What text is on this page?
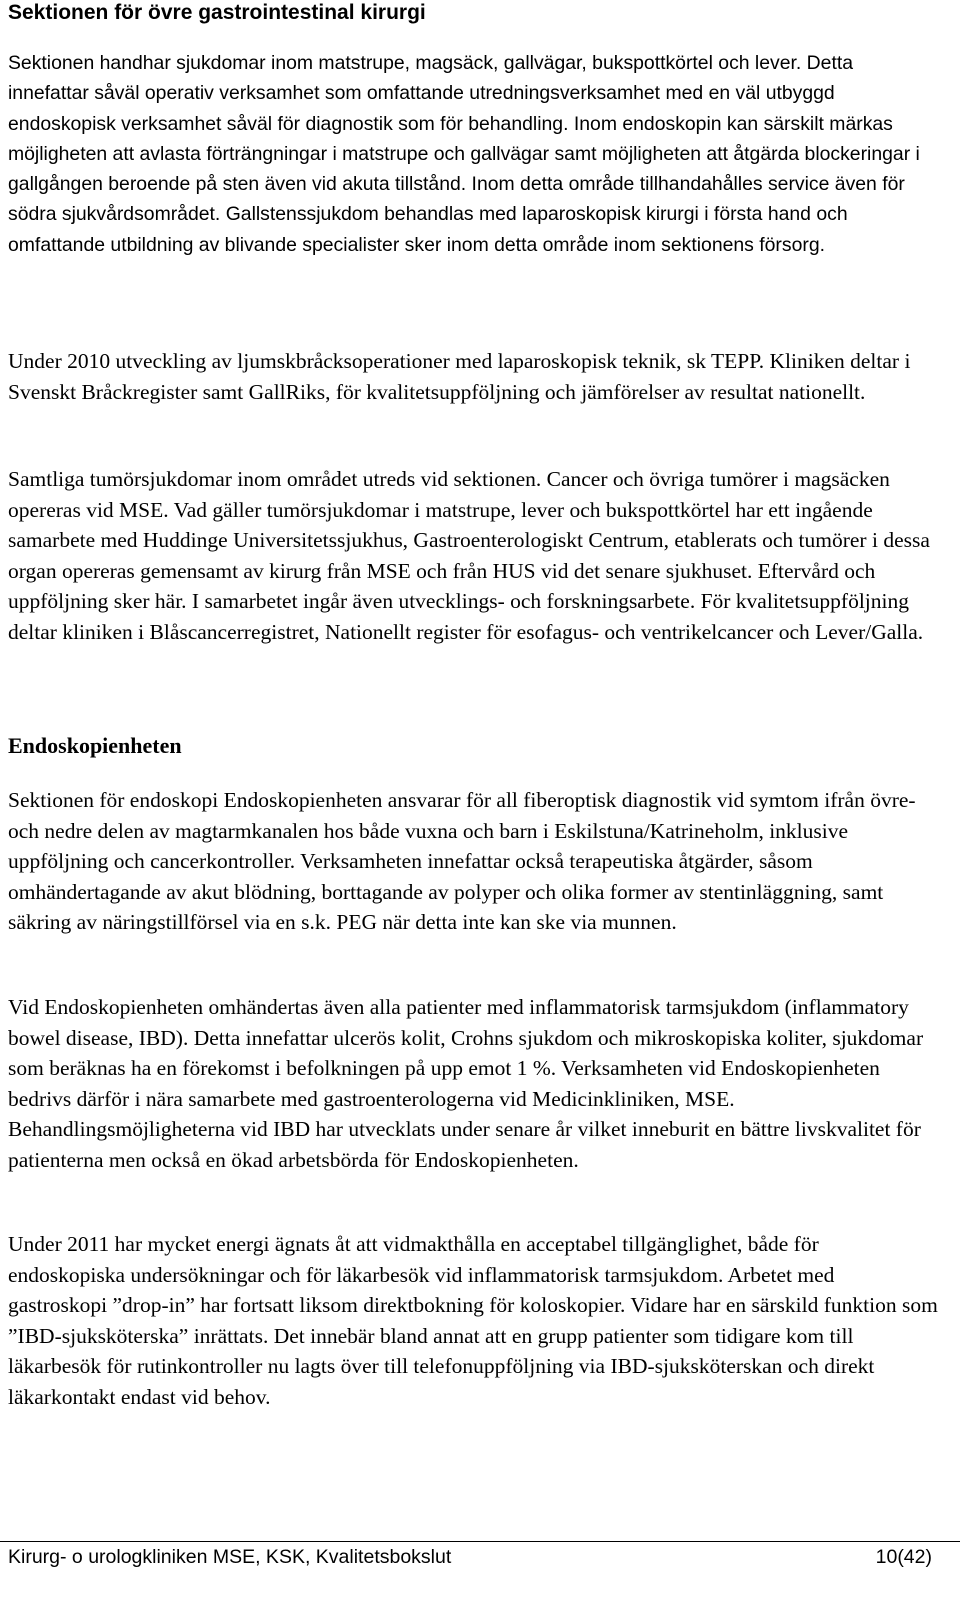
Sektionen för övre gastrointestinal kirurgi

Sektionen handhar sjukdomar inom matstrupe, magsäck, gallvägar, bukspottkörtel och lever. Detta innefattar såväl operativ verksamhet som omfattande utredningsverksamhet med en väl utbyggd endoskopisk verksamhet såväl för diagnostik som för behandling. Inom endoskopin kan särskilt märkas möjligheten att avlasta förträngningar i matstrupe och gallvägar samt möjligheten att åtgärda blockeringar i gallgången beroende på sten även vid akuta tillstånd. Inom detta område tillhandahålles service även för södra sjukvårdsområdet. Gallstenssjukdom behandlas med laparoskopisk kirurgi i första hand och omfattande utbildning av blivande specialister sker inom detta område inom sektionens försorg.

Under 2010 utveckling av ljumskbråcksoperationer med laparoskopisk teknik, sk TEPP. Kliniken deltar i Svenskt Bråckregister samt GallRiks, för kvalitetsuppföljning och jämförelser av resultat nationellt.

Samtliga tumörsjukdomar inom området utreds vid sektionen. Cancer och övriga tumörer i magsäcken opereras vid MSE. Vad gäller tumörsjukdomar i matstrupe, lever och bukspottkörtel har ett ingående samarbete med Huddinge Universitetssjukhus, Gastroenterologiskt Centrum, etablerats och tumörer i dessa organ opereras gemensamt av kirurg från MSE och från HUS vid det senare sjukhuset. Eftervård och uppföljning sker här. I samarbetet ingår även utvecklings- och forskningsarbete. För kvalitetsuppföljning deltar kliniken i Blåscancerregistret, Nationellt register för esofagus- och ventrikelcancer och Lever/Galla.

Endoskopienheten

Sektionen för endoskopi Endoskopienheten ansvarar för all fiberoptisk diagnostik vid symtom ifrån övre- och nedre delen av magtarmkanalen hos både vuxna och barn i Eskilstuna/Katrineholm, inklusive uppföljning och cancerkontroller. Verksamheten innefattar också terapeutiska åtgärder, såsom omhändertagande av akut blödning, borttagande av polyper och olika former av stentinläggning, samt säkring av näringstillförsel via en s.k. PEG när detta inte kan ske via munnen.

Vid Endoskopienheten omhändertas även alla patienter med inflammatorisk tarmsjukdom (inflammatory bowel disease, IBD). Detta innefattar ulcerös kolit, Crohns sjukdom och mikroskopiska koliter, sjukdomar som beräknas ha en förekomst i befolkningen på upp emot 1 %. Verksamheten vid Endoskopienheten bedrivs därför i nära samarbete med gastroenterologerna vid Medicinkliniken, MSE. Behandlingsmöjligheterna vid IBD har utvecklats under senare år vilket inneburit en bättre livskvalitet för patienterna men också en ökad arbetsbörda för Endoskopienheten.

Under 2011 har mycket energi ägnats åt att vidmakthålla en acceptabel tillgänglighet, både för endoskopiska undersökningar och för läkarbesök vid inflammatorisk tarmsjukdom. Arbetet med gastroskopi ”drop-in” har fortsatt liksom direktbokning för koloskopier. Vidare har en särskild funktion som ”IBD-sjuksköterska” inrättats. Det innebär bland annat att en grupp patienter som tidigare kom till läkarbesök för rutinkontroller nu lagts över till telefonuppföljning via IBD-sjuksköterskan och direkt läkarkontakt endast vid behov.

Kirurg- o urologkliniken MSE, KSK, Kvalitetsbokslut	10(42)
